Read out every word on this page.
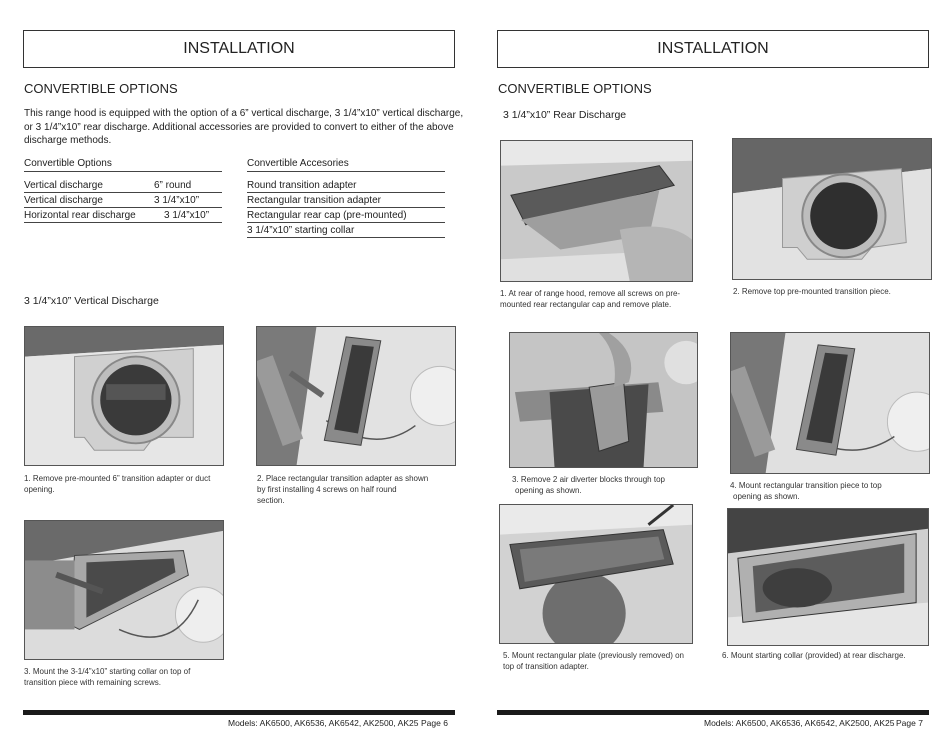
INSTALLATION
CONVERTIBLE OPTIONS
This range hood is equipped with the option of a 6” vertical discharge, 3 1/4”x10” vertical discharge,
or 3 1/4”x10” rear discharge. Additional accessories are provided to convert to either of the above
discharge methods.
Convertible Options
Vertical discharge	6” round
Vertical discharge	3 1/4”x10”
Horizontal rear discharge	3 1/4”x10”
Convertible Accesories
Round transition adapter
Rectangular transition adapter
Rectangular rear cap (pre-mounted)
3 1/4”x10” starting collar
3 1/4”x10” Vertical Discharge
1. Remove pre-mounted 6” transition adapter or duct
opening.
2. Place rectangular transition adapter as shown
by first installing 4 screws on half round
section.
3. Mount the 3-1/4”x10” starting collar on top of
transition piece with remaining screws.
Models: AK6500, AK6536, AK6542, AK2500, AK25 Page 6
INSTALLATION
CONVERTIBLE OPTIONS
3 1/4”x10” Rear Discharge
1. At rear of range hood, remove all screws on pre-
mounted rear rectangular cap and remove plate.
2. Remove top pre-mounted transition piece.
3. Remove 2 air diverter blocks through top
opening as shown.
4. Mount rectangular transition piece to top
opening as shown.
5. Mount rectangular plate (previously removed) on
top of transition adapter.
6. Mount starting collar (provided) at rear discharge.
Models: AK6500, AK6536, AK6542, AK2500, AK25 Page 7
